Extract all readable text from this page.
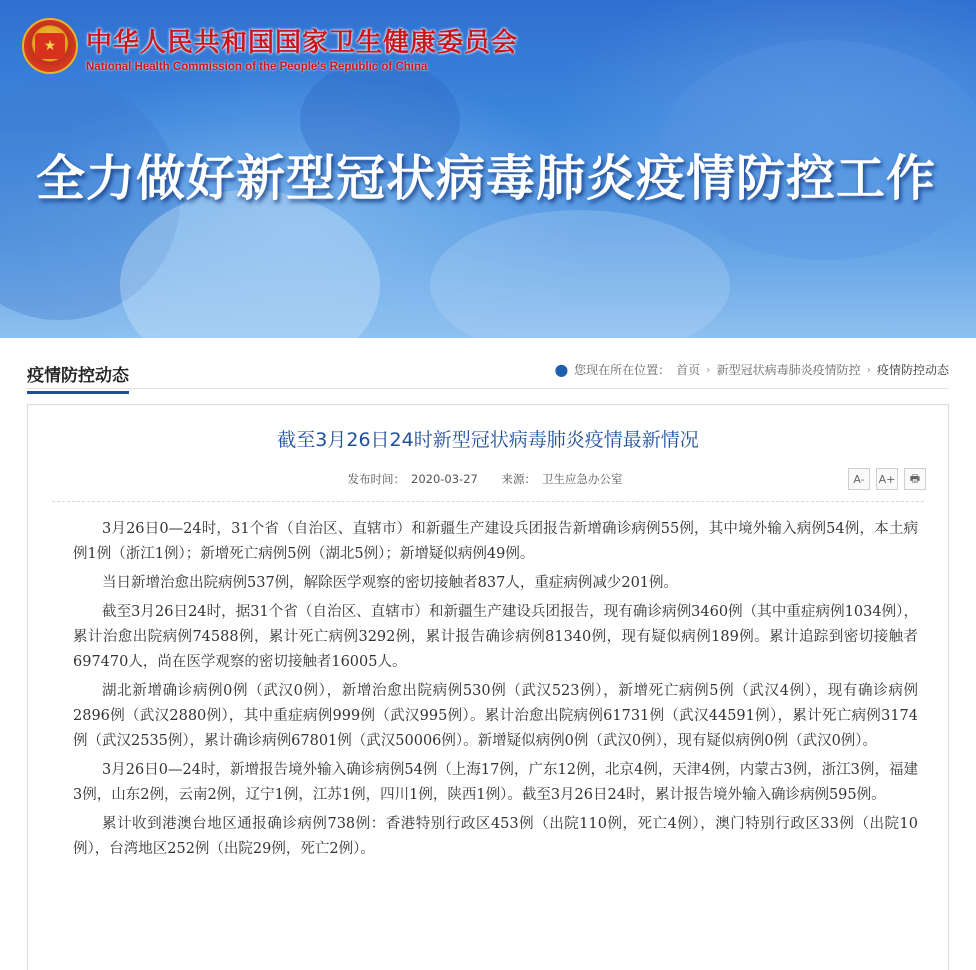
★	中华人民共和国国家卫生健康委员会
National Health Commission of the People's Republic of China
全力做好新型冠状病毒肺炎疫情防控工作
疫情防控动态	⬤ 您现在所在位置： 首页 › 新型冠状病毒肺炎疫情防控 › 疫情防控动态
截至3月26日24时新型冠状病毒肺炎疫情最新情况
发布时间： 2020-03-27 来源： 卫生应急办公室	A-	A+	🖶

3月26日0—24时，31个省（自治区、直辖市）和新疆生产建设兵团报告新增确诊病例55例，其中境外输入病例54例，本土病例1例（浙江1例）；新增死亡病例5例（湖北5例）；新增疑似病例49例。

当日新增治愈出院病例537例，解除医学观察的密切接触者837人，重症病例减少201例。

截至3月26日24时，据31个省（自治区、直辖市）和新疆生产建设兵团报告，现有确诊病例3460例（其中重症病例1034例），累计治愈出院病例74588例，累计死亡病例3292例，累计报告确诊病例81340例，现有疑似病例189例。累计追踪到密切接触者697470人，尚在医学观察的密切接触者16005人。

湖北新增确诊病例0例（武汉0例），新增治愈出院病例530例（武汉523例），新增死亡病例5例（武汉4例），现有确诊病例2896例（武汉2880例），其中重症病例999例（武汉995例）。累计治愈出院病例61731例（武汉44591例），累计死亡病例3174例（武汉2535例），累计确诊病例67801例（武汉50006例）。新增疑似病例0例（武汉0例），现有疑似病例0例（武汉0例）。

3月26日0—24时，新增报告境外输入确诊病例54例（上海17例，广东12例，北京4例，天津4例，内蒙古3例，浙江3例，福建3例，山东2例，云南2例，辽宁1例，江苏1例，四川1例，陕西1例）。截至3月26日24时，累计报告境外输入确诊病例595例。

累计收到港澳台地区通报确诊病例738例：香港特别行政区453例（出院110例，死亡4例），澳门特别行政区33例（出院10例），台湾地区252例（出院29例，死亡2例）。
